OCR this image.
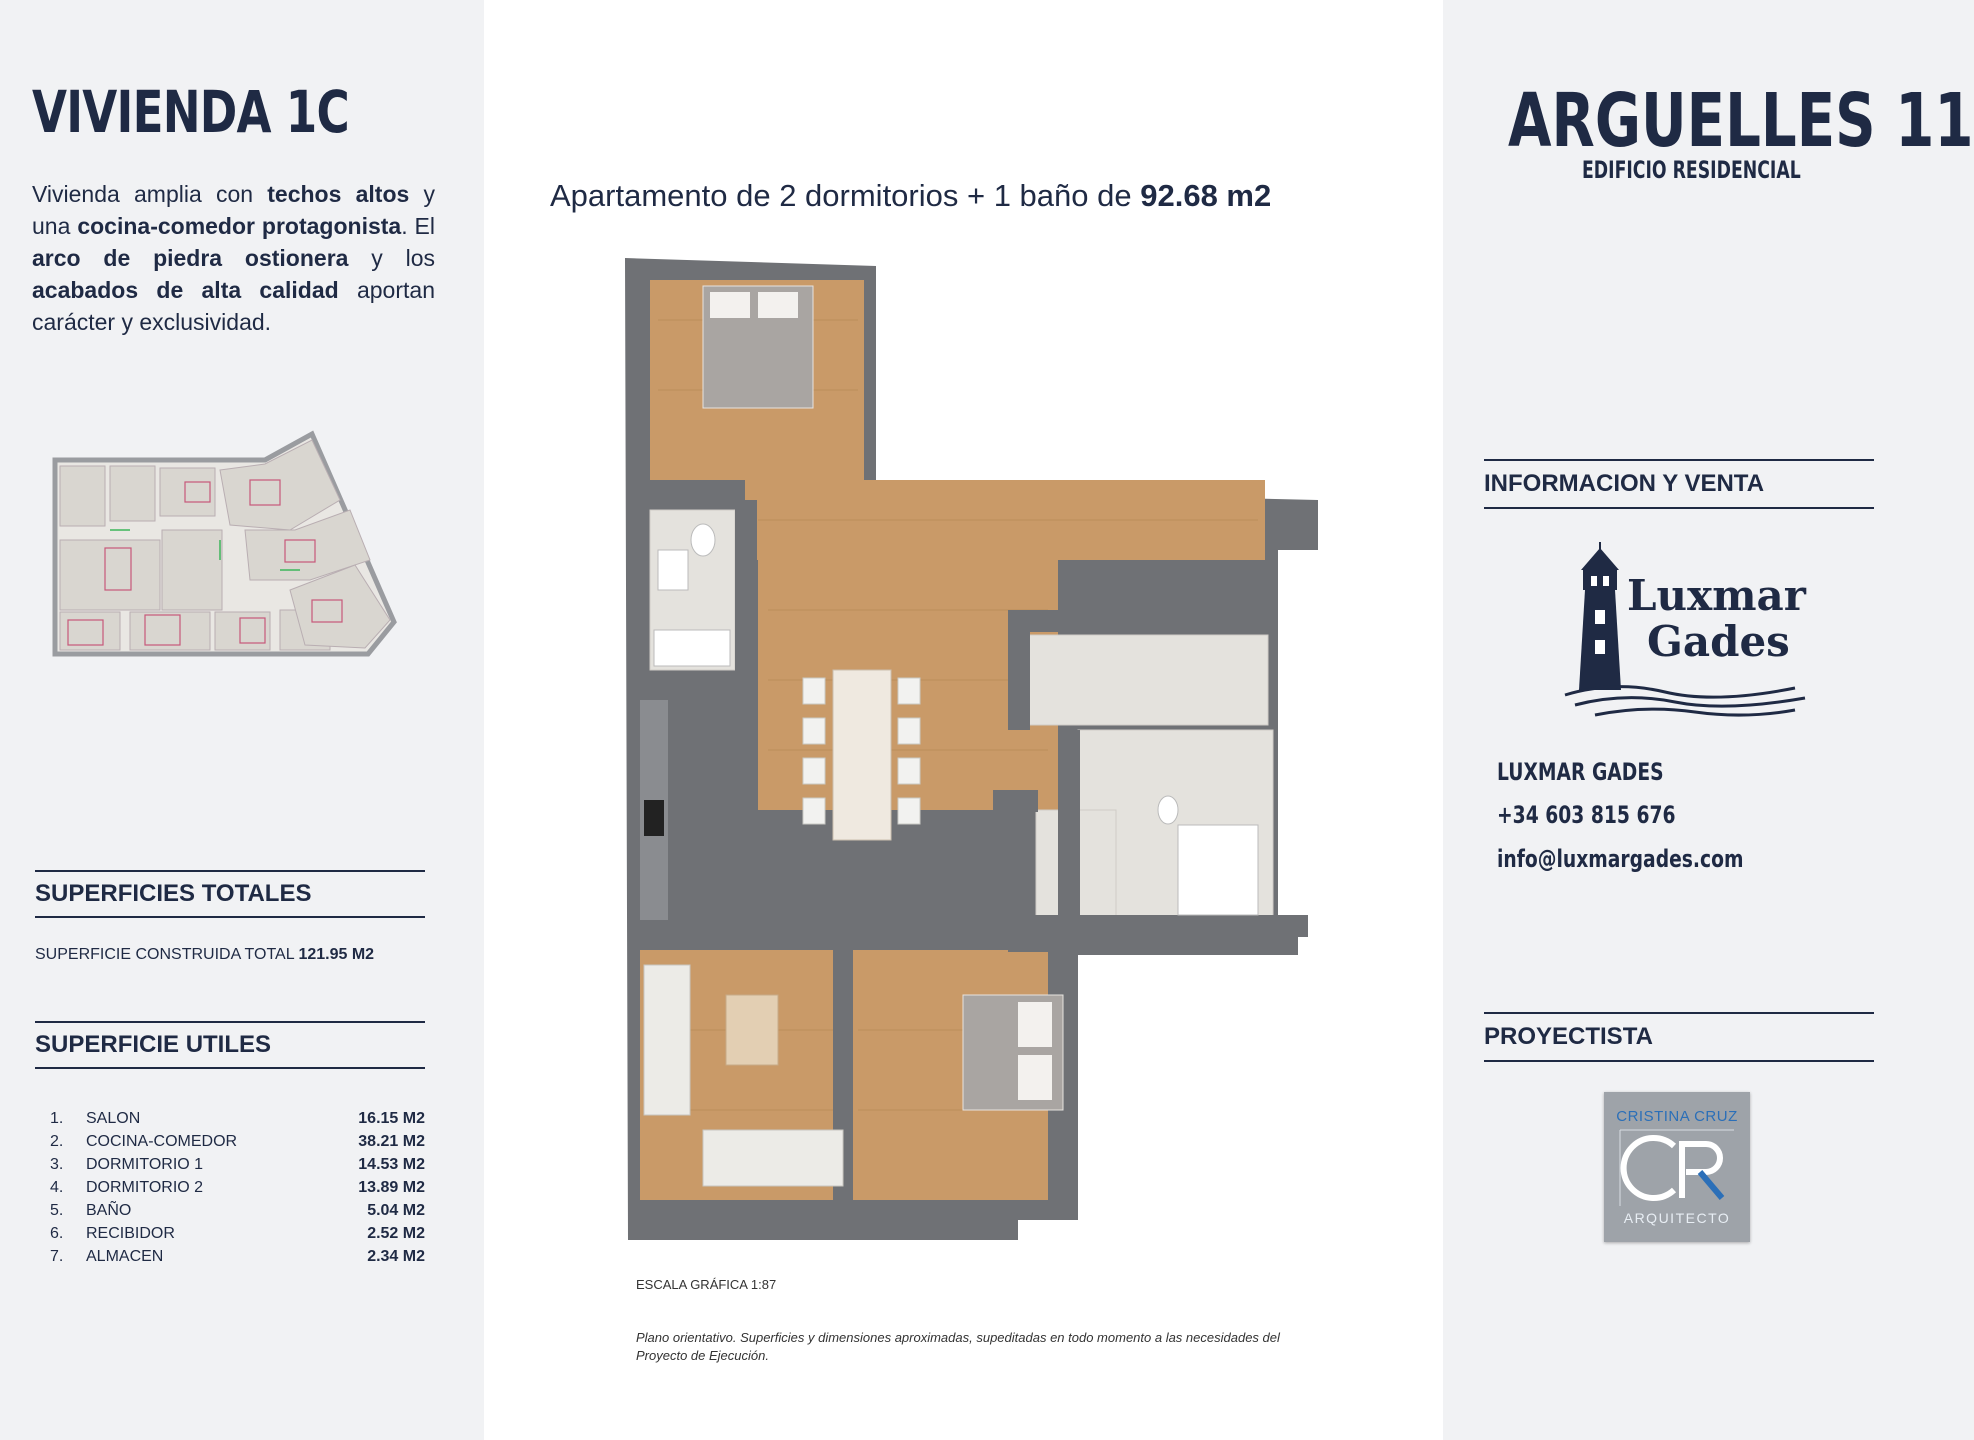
VIVIENDA 1C
Vivienda amplia con techos altos y una cocina-comedor protagonista. El arco de piedra ostionera y los acabados de alta calidad aportan carácter y exclusividad.
SUPERFICIES TOTALES
SUPERFICIE CONSTRUIDA TOTAL 121.95 M2
SUPERFICIE UTILES
1.	SALON	16.15 M2
2.	COCINA-COMEDOR	38.21 M2
3.	DORMITORIO 1	14.53 M2
4.	DORMITORIO 2	13.89 M2
5.	BAÑO	5.04 M2
6.	RECIBIDOR	2.52 M2
7.	ALMACEN	2.34 M2
Apartamento de 2 dormitorios + 1 baño de 92.68 m2
ESCALA GRÁFICA 1:87
Plano orientativo. Superficies y dimensiones aproximadas, supeditadas en todo momento a las necesidades del Proyecto de Ejecución.
ARGUELLES 11
EDIFICIO RESIDENCIAL
INFORMACION Y VENTA
Luxmar
Gades
LUXMAR GADES
+34 603 815 676
info@luxmargades.com
PROYECTISTA
CRISTINA CRUZ
ARQUITECTO
